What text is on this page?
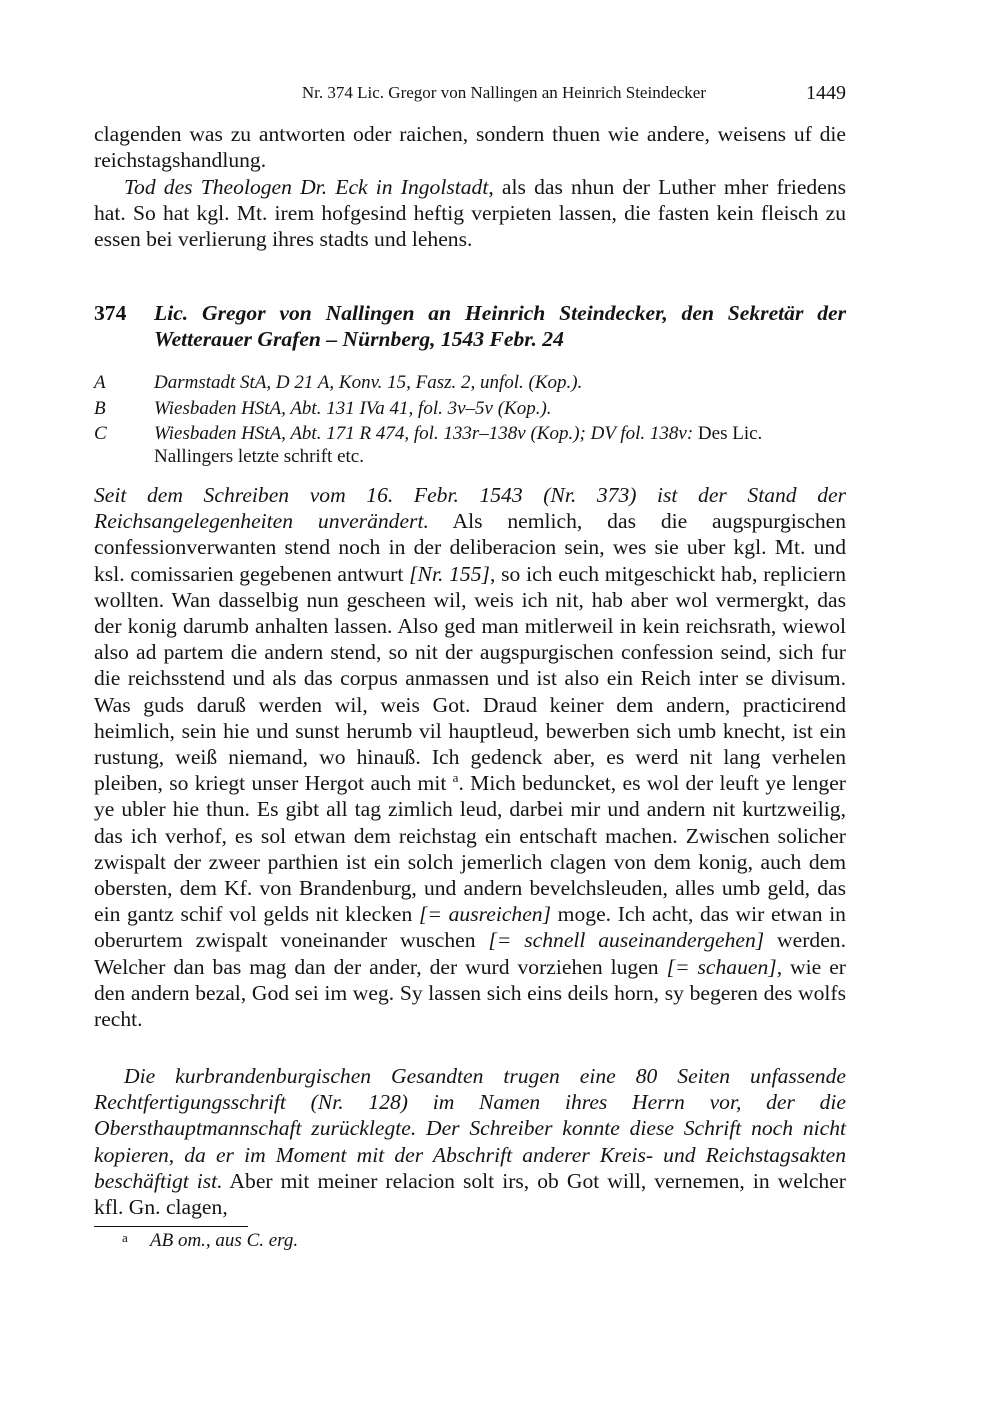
Nr. 374 Lic. Gregor von Nallingen an Heinrich Steindecker	1449

clagenden was zu antworten oder raichen, sondern thuen wie andere, weisens uf die reichstagshandlung.

Tod des Theologen Dr. Eck in Ingolstadt, als das nhun der Luther mher friedens hat. So hat kgl. Mt. irem hofgesind heftig verpieten lassen, die fasten kein fleisch zu essen bei verlierung ihres stadts und lehens.

374 Lic. Gregor von Nallingen an Heinrich Steindecker, den Sekretär der Wetterauer Grafen – Nürnberg, 1543 Febr. 24
A	Darmstadt StA, D 21 A, Konv. 15, Fasz. 2, unfol. (Kop.).
B	Wiesbaden HStA, Abt. 131 IVa 41, fol. 3v–5v (Kop.).
C Wiesbaden HStA, Abt. 171 R 474, fol. 133r–138v (Kop.); DV fol. 138v: Des Lic. Nallingers letzte schrift etc.

Seit dem Schreiben vom 16. Febr. 1543 (Nr. 373) ist der Stand der Reichsangelegenheiten unverändert. Als nemlich, das die augspurgischen confessionverwanten stend noch in der deliberacion sein, wes sie uber kgl. Mt. und ksl. comissarien gegebenen antwurt [Nr. 155], so ich euch mitgeschickt hab, repliciern wollten. Wan dasselbig nun gescheen wil, weis ich nit, hab aber wol vermergkt, das der konig darumb anhalten lassen. Also ged man mitlerweil in kein reichsrath, wiewol also ad partem die andern stend, so nit der augspurgischen confession seind, sich fur die reichsstend und als das corpus anmassen und ist also ein Reich inter se divisum. Was guds daruß werden wil, weis Got. Draud keiner dem andern, practicirend heimlich, sein hie und sunst herumb vil hauptleud, bewerben sich umb knecht, ist ein rustung, weiß niemand, wo hinauß. Ich gedenck aber, es werd nit lang verhelen pleiben, so kriegt unser Hergot auch mit $^a$. Mich beduncket, es wol der leuft ye lenger ye ubler hie thun. Es gibt all tag zimlich leud, darbei mir und andern nit kurtzweilig, das ich verhof, es sol etwan dem reichstag ein entschaft machen. Zwischen solicher zwispalt der zweer parthien ist ein solch jemerlich clagen von dem konig, auch dem obersten, dem Kf. von Brandenburg, und andern bevelchsleuden, alles umb geld, das ein gantz schif vol gelds nit klecken [= ausreichen] moge. Ich acht, das wir etwan in oberurtem zwispalt voneinander wuschen [= schnell auseinandergehen] werden. Welcher dan bas mag dan der ander, der wurd vorziehen lugen [= schauen], wie er den andern bezal, God sei im weg. Sy lassen sich eins deils horn, sy begeren des wolfs recht.

Die kurbrandenburgischen Gesandten trugen eine 80 Seiten unfassende Rechtfertigungsschrift (Nr. 128) im Namen ihres Herrn vor, der die Obersthauptmannschaft zurücklegte. Der Schreiber konnte diese Schrift noch nicht kopieren, da er im Moment mit der Abschrift anderer Kreis- und Reichstagsakten beschäftigt ist. Aber mit meiner relacion solt irs, ob Got will, vernemen, in welcher kfl. Gn. clagen,

a AB om., aus C. erg.
